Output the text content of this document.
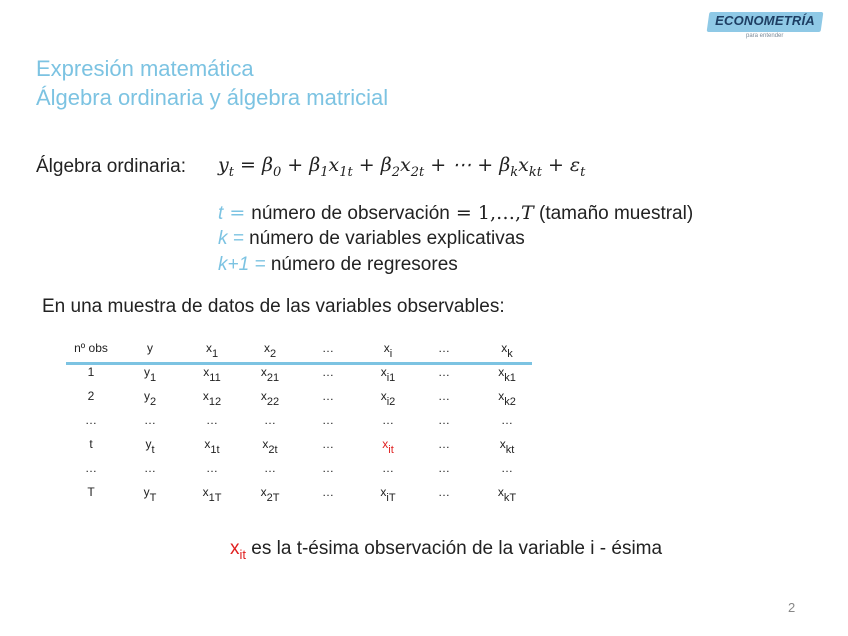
ECONOMETRÍA
para entender
Expresión matemática
Álgebra ordinaria y álgebra matricial
Álgebra ordinaria: $y_t = \beta_0 + \beta_1x_{1t} + \beta_2x_{2t}$ + ⋯ + $\beta_kx_{kt} + \varepsilon_t$
t = número de observación = 1,…,T (tamaño muestral)
k = número de variables explicativas
k+1 = número de regresores
En una muestra de datos de las variables observables:
nº obs	y	$x_1$	$x_2$	…	$x_i$	…	$x_k$
1	$y_1$	$x_{11}$	$x_{21}$	…	$x_{i1}$	…	$x_{k1}$
2	$y_2$	$x_{12}$	$x_{22}$	…	$x_{i2}$	…	$x_{k2}$
…	…	…	…	…	…	…	…
t	$y_t$	$x_{1t}$	$x_{2t}$	…	$x_{it}$	…	$x_{kt}$
…	…	…	…	…	…	…	…
T	$y_T$	$x_{1T}$	$x_{2T}$	…	$x_{iT}$	…	$x_{kT}$
$x_{it}$ es la t-ésima observación de la variable i - ésima
2
